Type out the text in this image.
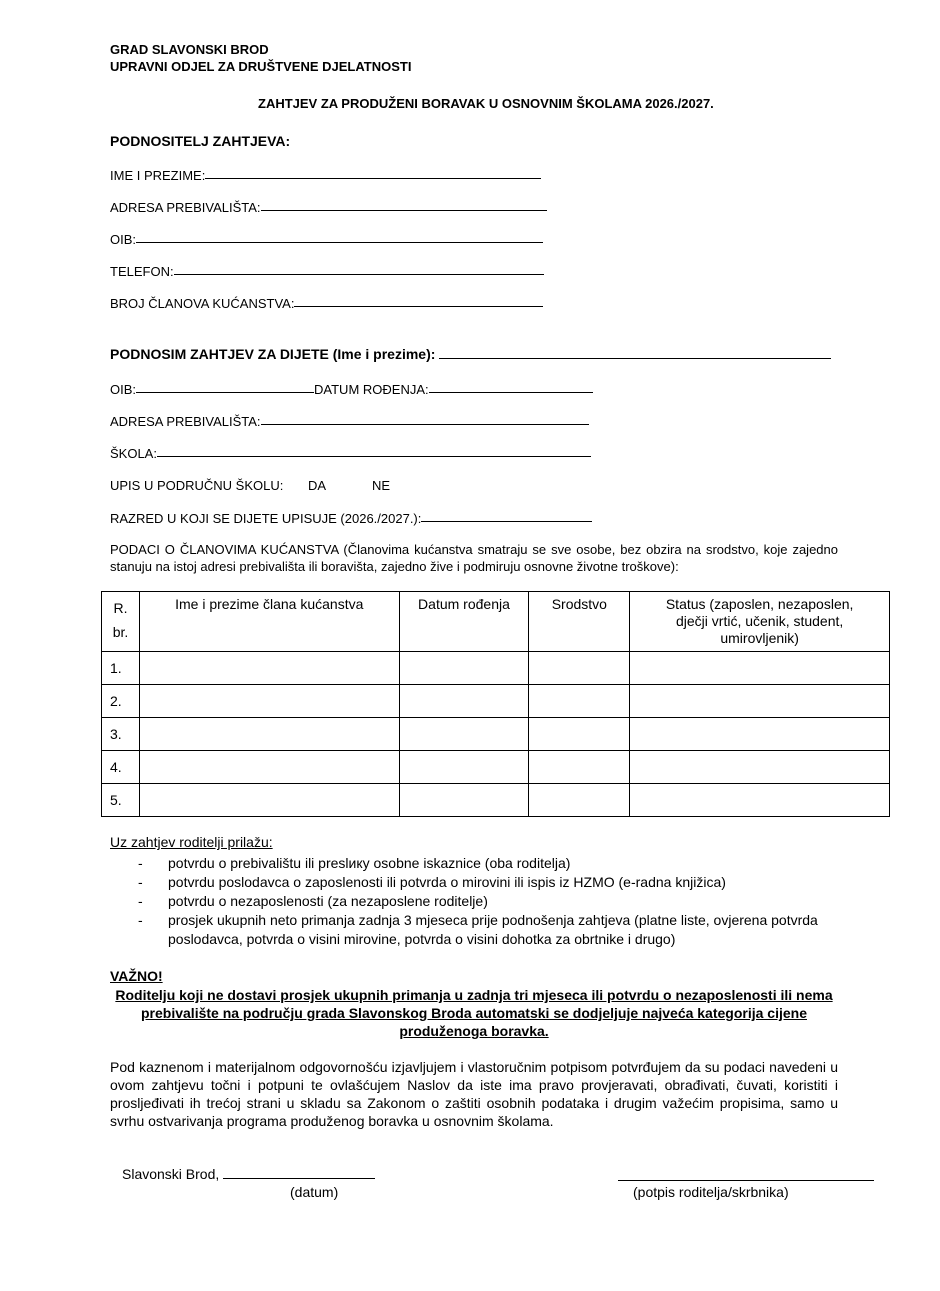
GRAD SLAVONSKI BROD
UPRAVNI ODJEL ZA DRUŠTVENE DJELATNOSTI
ZAHTJEV ZA PRODUŽENI BORAVAK U OSNOVNIM ŠKOLAMA 2026./2027.
PODNOSITELJ ZAHTJEVA:
IME I PREZIME:
ADRESA PREBIVALIŠTA:
OIB:
TELEFON:
BROJ ČLANOVA KUĆANSTVA:
PODNOSIM ZAHTJEV ZA DIJETE (Ime i prezime):
OIB:	DATUM ROĐENJA:
ADRESA PREBIVALIŠTA:
ŠKOLA:
UPIS U PODRUČNU ŠKOLU: DA	NE
RAZRED U KOJI SE DIJETE UPISUJE (2026./2027.):
PODACI O ČLANOVIMA KUĆANSTVA (Članovima kućanstva smatraju se sve osobe, bez obzira na srodstvo, koje zajedno stanuju na istoj adresi prebivališta ili boravišta, zajedno žive i podmiruju osnovne životne troškove):
R.
br.	Ime i prezime člana kućanstva	Datum rođenja	Srodstvo	Status (zaposlen, nezaposlen, dječji vrtić, učenik, student, umirovljenik)
1.				
2.				
3.				
4.				
5.				
Uz zahtjev roditelji prilažu:
- potvrdu o prebivalištu ili preslику osobne iskaznice (oba roditelja)
- potvrdu poslodavca o zaposlenosti ili potvrda o mirovini ili ispis iz HZMO (e-radna knjižica)
- potvrdu o nezaposlenosti (za nezaposlene roditelje)
- prosjek ukupnih neto primanja zadnja 3 mjeseca prije podnošenja zahtjeva (platne liste, ovjerena potvrda poslodavca, potvrda o visini mirovine, potvrda o visini dohotka za obrtnike i drugo)
VAŽNO!
Roditelju koji ne dostavi prosjek ukupnih primanja u zadnja tri mjeseca ili potvrdu o nezaposlenosti ili nema prebivalište na području grada Slavonskog Broda automatski se dodjeljuje najveća kategorija cijene produženoga boravka.
Pod kaznenom i materijalnom odgovornošću izjavljujem i vlastoručnim potpisom potvrđujem da su podaci navedeni u ovom zahtjevu točni i potpuni te ovlašćujem Naslov da iste ima pravo provjeravati, obrađivati, čuvati, koristiti i prosljeđivati ih trećoj strani u skladu sa Zakonom o zaštiti osobnih podataka i drugim važećim propisima, samo u svrhu ostvarivanja programa produženog boravka u osnovnim školama.
Slavonski Brod,
(datum)	(potpis roditelja/skrbnika)
